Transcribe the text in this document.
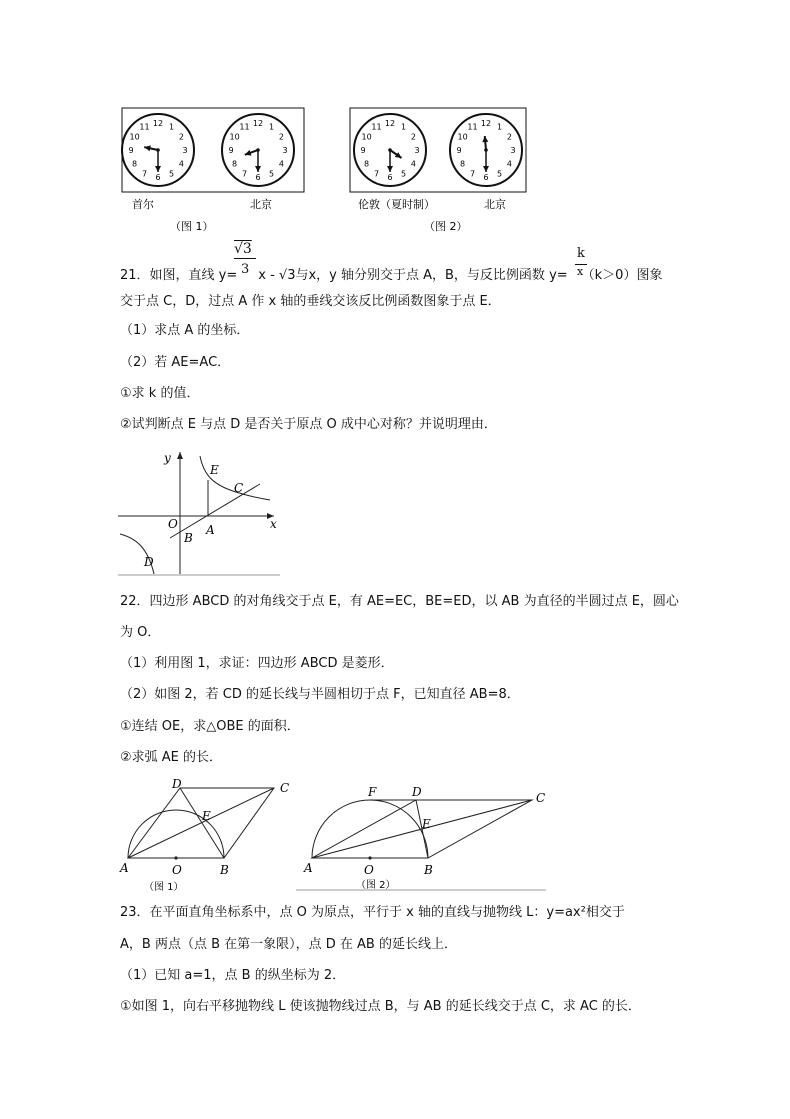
12 1
2
3
4
5
6
7
8
9
10
11	12 1
2
3
4
5
6
7
8
9
10
11	12 1
2
3
4
5
6
7
8
9
10
11	12 1
2
3
4
5
6
7
8
9
10
11
首尔	北京
（图 1）
伦敦（夏时制）	北京
（图 2）
√3
3
21．如图，直线 y= x - √3与x，y 轴分别交于点 A，B，与反比例函数 y= （k＞0）图象
k
x
交于点 C，D，过点 A 作 x 轴的垂线交该反比例函数图象于点 E．
（1）求点 A 的坐标．
（2）若 AE=AC．
①求 k 的值．
②试判断点 E 与点 D 是否关于原点 O 成中心对称？并说明理由．
y
x
E
C
O A
B
D
22．四边形 ABCD 的对角线交于点 E，有 AE=EC，BE=ED，以 AB 为直径的半圆过点 E，圆心
为 O．
（1）利用图 1，求证：四边形 ABCD 是菱形．
（2）如图 2，若 CD 的延长线与半圆相切于点 F，已知直径 AB=8．
①连结 OE，求△OBE 的面积．
②求弧 AE 的长．
A	B
C
D
E
O
（图 1）
A	B
C
D
E
F
O
（图 2）
23．在平面直角坐标系中，点 O 为原点，平行于 x 轴的直线与抛物线 L：y=ax²相交于
A，B 两点（点 B 在第一象限），点 D 在 AB 的延长线上．
（1）已知 a=1，点 B 的纵坐标为 2．
①如图 1，向右平移抛物线 L 使该抛物线过点 B，与 AB 的延长线交于点 C，求 AC 的长．
